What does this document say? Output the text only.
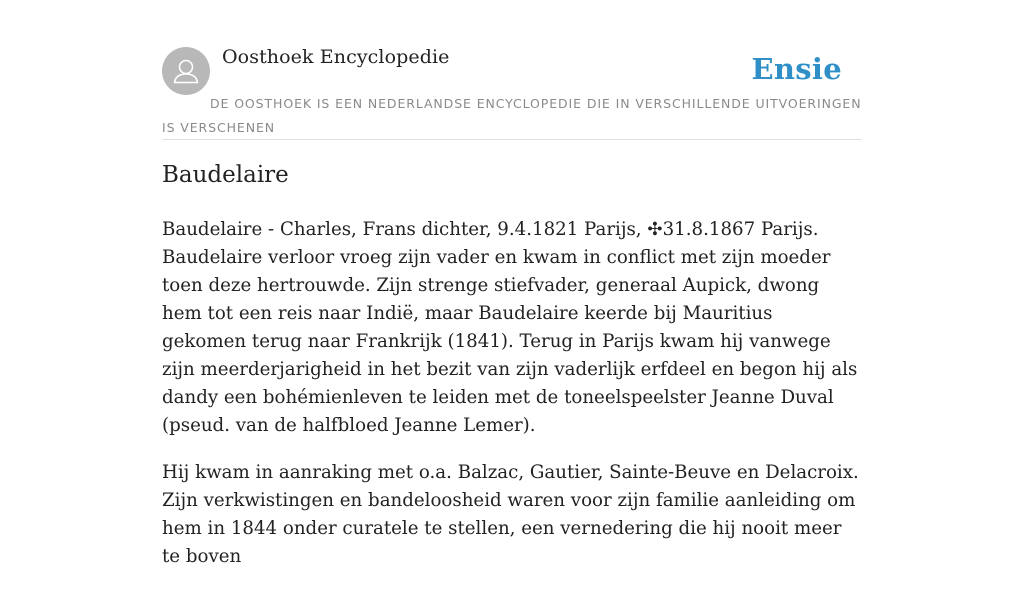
Oosthoek Encyclopedie	Ensie
DE OOSTHOEK IS EEN NEDERLANDSE ENCYCLOPEDIE DIE IN VERSCHILLENDE UITVOERINGEN IS VERSCHENEN
Baudelaire

Baudelaire - Charles, Frans dichter, 9.4.1821 Parijs, ✣31.8.1867 Parijs. Baudelaire verloor vroeg zijn vader en kwam in conflict met zijn moeder toen deze hertrouwde. Zijn strenge stiefvader, generaal Aupick, dwong hem tot een reis naar Indië, maar Baudelaire keerde bij Mauritius gekomen terug naar Frankrijk (1841). Terug in Parijs kwam hij vanwege zijn meerderjarigheid in het bezit van zijn vaderlijk erfdeel en begon hij als dandy een bohémienleven te leiden met de toneelspeelster Jeanne Duval (pseud. van de halfbloed Jeanne Lemer).

Hij kwam in aanraking met o.a. Balzac, Gautier, Sainte-Beuve en Delacroix. Zijn verkwistingen en bandeloosheid waren voor zijn familie aanleiding om hem in 1844 onder curatele te stellen, een vernedering die hij nooit meer te boven
